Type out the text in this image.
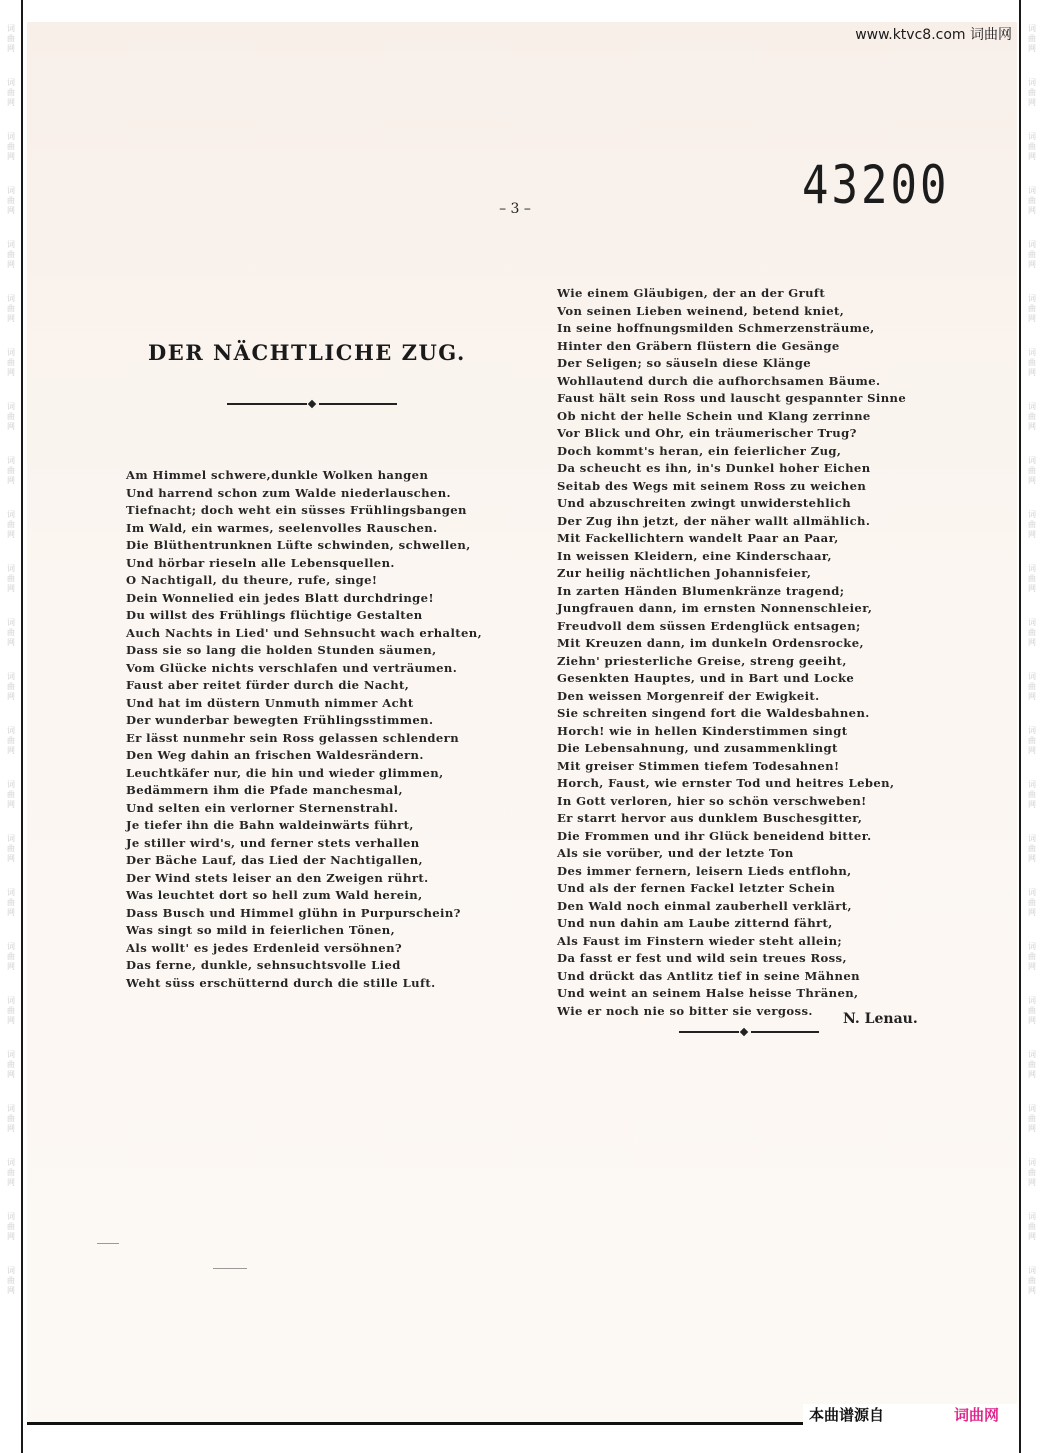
词
曲
网
词
曲
网
词
曲
网
词
曲
网
词
曲
网
词
曲
网
词
曲
网
词
曲
网
词
曲
网
词
曲
网
词
曲
网
词
曲
网
词
曲
网
词
曲
网
词
曲
网
词
曲
网
词
曲
网
词
曲
网
词
曲
网
词
曲
网
词
曲
网
词
曲
网
词
曲
网
词
曲
网
词
曲
网
词
曲
网
词
曲
网
词
曲
网
词
曲
网
词
曲
网
词
曲
网
词
曲
网
词
曲
网
词
曲
网
词
曲
网
词
曲
网
词
曲
网
词
曲
网
词
曲
网
词
曲
网
词
曲
网
词
曲
网
词
曲
网
词
曲
网
词
曲
网
词
曲
网
词
曲
网
词
曲
网
www.ktvc8.com 词曲网
43200
– 3 –
DER NÄCHTLICHE ZUG.
Am Himmel schwere,dunkle Wolken hangen
Und harrend schon zum Walde niederlauschen.
Tiefnacht; doch weht ein süsses Frühlingsbangen
Im Wald, ein warmes, seelenvolles Rauschen.
Die Blüthentrunknen Lüfte schwinden, schwellen,
Und hörbar rieseln alle Lebensquellen.
O Nachtigall, du theure, rufe, singe!
Dein Wonnelied ein jedes Blatt durchdringe!
Du willst des Frühlings flüchtige Gestalten
Auch Nachts in Lied' und Sehnsucht wach erhalten,
Dass sie so lang die holden Stunden säumen,
Vom Glücke nichts verschlafen und verträumen.
Faust aber reitet fürder durch die Nacht,
Und hat im düstern Unmuth nimmer Acht
Der wunderbar bewegten Frühlingsstimmen.
Er lässt nunmehr sein Ross gelassen schlendern
Den Weg dahin an frischen Waldesrändern.
Leuchtkäfer nur, die hin und wieder glimmen,
Bedämmern ihm die Pfade manchesmal,
Und selten ein verlorner Sternenstrahl.
Je tiefer ihn die Bahn waldeinwärts führt,
Je stiller wird's, und ferner stets verhallen
Der Bäche Lauf, das Lied der Nachtigallen,
Der Wind stets leiser an den Zweigen rührt.
Was leuchtet dort so hell zum Wald herein,
Dass Busch und Himmel glühn in Purpurschein?
Was singt so mild in feierlichen Tönen,
Als wollt' es jedes Erdenleid versöhnen?
Das ferne, dunkle, sehnsuchtsvolle Lied
Weht süss erschütternd durch die stille Luft.
Wie einem Gläubigen, der an der Gruft
Von seinen Lieben weinend, betend kniet,
In seine hoffnungsmilden Schmerzensträume,
Hinter den Gräbern flüstern die Gesänge
Der Seligen; so säuseln diese Klänge
Wohllautend durch die aufhorchsamen Bäume.
Faust hält sein Ross und lauscht gespannter Sinne
Ob nicht der helle Schein und Klang zerrinne
Vor Blick und Ohr, ein träumerischer Trug?
Doch kommt's heran, ein feierlicher Zug,
Da scheucht es ihn, in's Dunkel hoher Eichen
Seitab des Wegs mit seinem Ross zu weichen
Und abzuschreiten zwingt unwiderstehlich
Der Zug ihn jetzt, der näher wallt allmählich.
Mit Fackellichtern wandelt Paar an Paar,
In weissen Kleidern, eine Kinderschaar,
Zur heilig nächtlichen Johannisfeier,
In zarten Händen Blumenkränze tragend;
Jungfrauen dann, im ernsten Nonnenschleier,
Freudvoll dem süssen Erdenglück entsagen;
Mit Kreuzen dann, im dunkeln Ordensrocke,
Ziehn' priesterliche Greise, streng geeiht,
Gesenkten Hauptes, und in Bart und Locke
Den weissen Morgenreif der Ewigkeit.
Sie schreiten singend fort die Waldesbahnen.
Horch! wie in hellen Kinderstimmen singt
Die Lebensahnung, und zusammenklingt
Mit greiser Stimmen tiefem Todesahnen!
Horch, Faust, wie ernster Tod und heitres Leben,
In Gott verloren, hier so schön verschweben!
Er starrt hervor aus dunklem Buschesgitter,
Die Frommen und ihr Glück beneidend bitter.
Als sie vorüber, und der letzte Ton
Des immer fernern, leisern Lieds entflohn,
Und als der fernen Fackel letzter Schein
Den Wald noch einmal zauberhell verklärt,
Und nun dahin am Laube zitternd fährt,
Als Faust im Finstern wieder steht allein;
Da fasst er fest und wild sein treues Ross,
Und drückt das Antlitz tief in seine Mähnen
Und weint an seinem Halse heisse Thränen,
Wie er noch nie so bitter sie vergoss.
N. Lenau.
本曲谱源自	词曲网
